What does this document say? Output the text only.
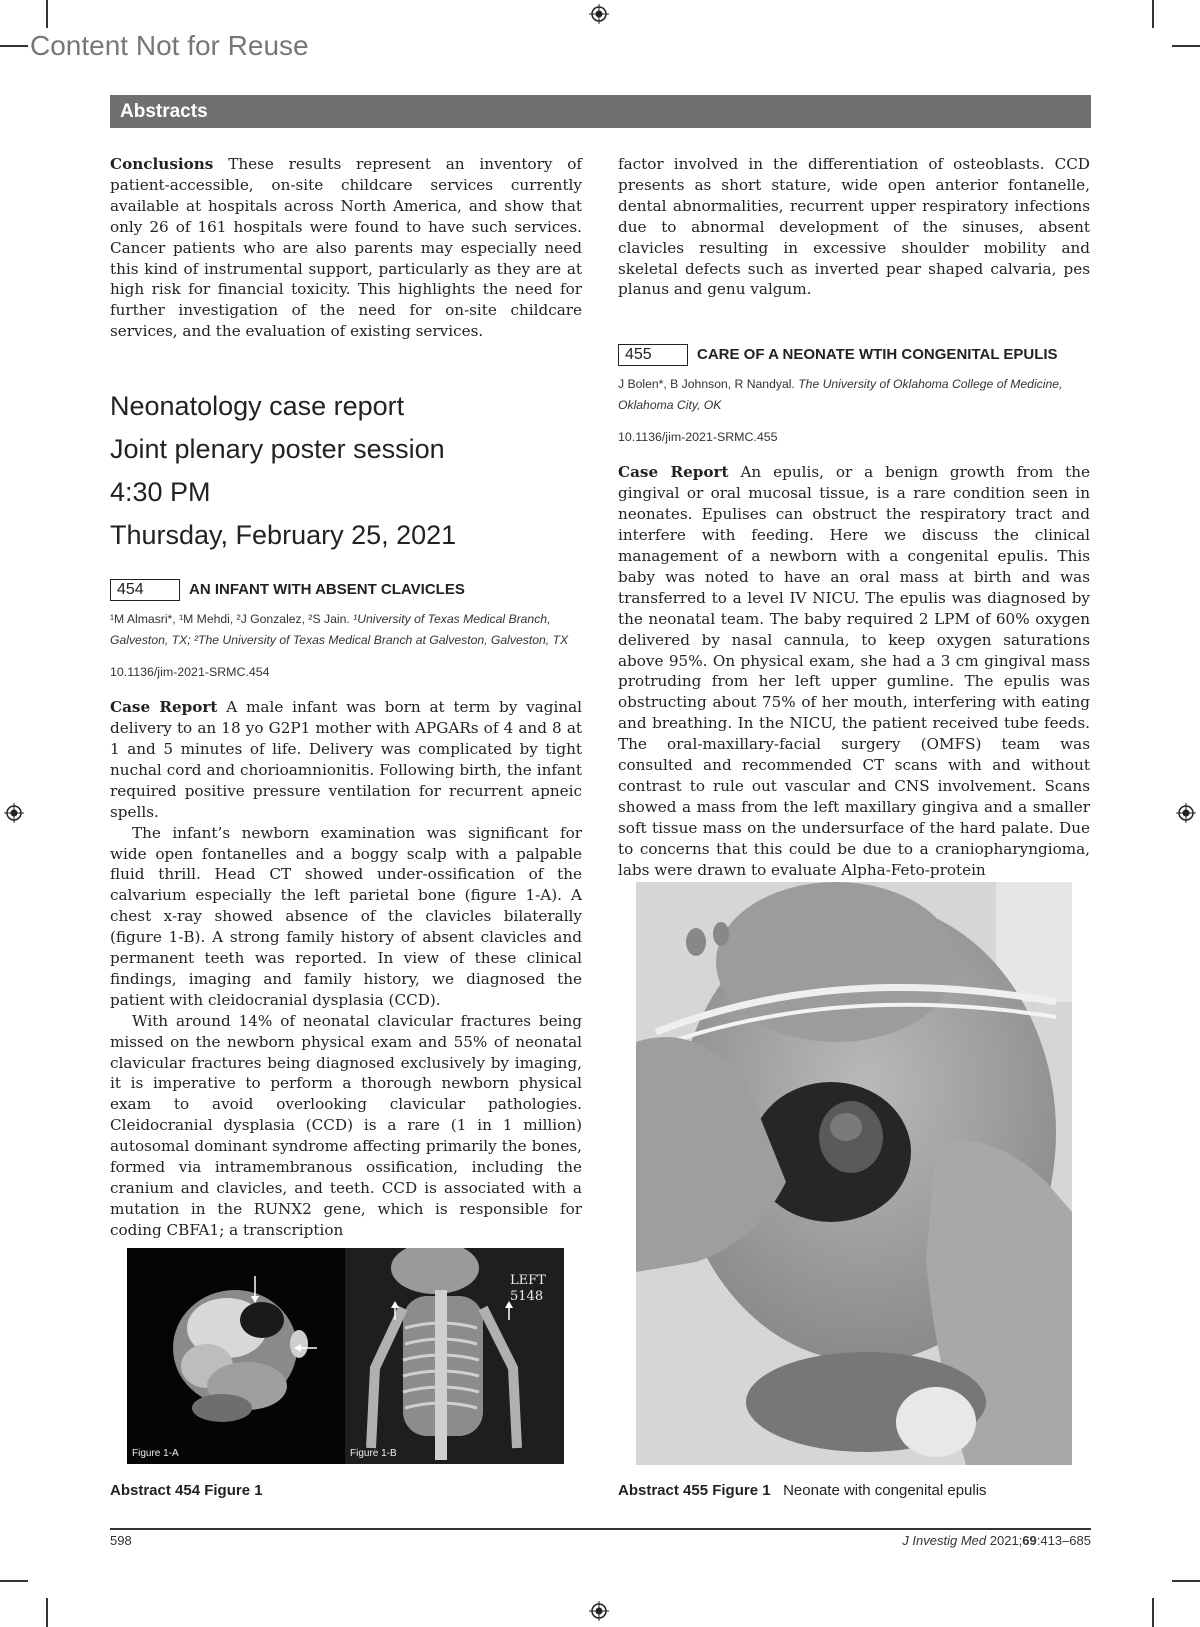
Content Not for Reuse
Abstracts

Conclusions These results represent an inventory of patient-accessible, on-site childcare services currently available at hospitals across North America, and show that only 26 of 161 hospitals were found to have such services. Cancer patients who are also parents may especially need this kind of instrumental support, particularly as they are at high risk for financial toxicity. This highlights the need for further investigation of the need for on-site childcare services, and the evaluation of existing services.

Neonatology case report
Joint plenary poster session
4:30 PM
Thursday, February 25, 2021
454	AN INFANT WITH ABSENT CLAVICLES
¹M Almasri*, ¹M Mehdi, ²J Gonzalez, ²S Jain. ¹University of Texas Medical Branch, Galveston, TX; ²The University of Texas Medical Branch at Galveston, Galveston, TX
10.1136/jim-2021-SRMC.454

Case Report A male infant was born at term by vaginal delivery to an 18 yo G2P1 mother with APGARs of 4 and 8 at 1 and 5 minutes of life. Delivery was complicated by tight nuchal cord and chorioamnionitis. Following birth, the infant required positive pressure ventilation for recurrent apneic spells.

The infant’s newborn examination was significant for wide open fontanelles and a boggy scalp with a palpable fluid thrill. Head CT showed under-ossification of the calvarium especially the left parietal bone (figure 1-A). A chest x-ray showed absence of the clavicles bilaterally (figure 1-B). A strong family history of absent clavicles and permanent teeth was reported. In view of these clinical findings, imaging and family history, we diagnosed the patient with cleidocranial dysplasia (CCD).

With around 14% of neonatal clavicular fractures being missed on the newborn physical exam and 55% of neonatal clavicular fractures being diagnosed exclusively by imaging, it is imperative to perform a thorough newborn physical exam to avoid overlooking clavicular pathologies. Cleidocranial dysplasia (CCD) is a rare (1 in 1 million) autosomal dominant syndrome affecting primarily the bones, formed via intramembranous ossification, including the cranium and clavicles, and teeth. CCD is associated with a mutation in the RUNX2 gene, which is responsible for coding CBFA1; a transcription

LEFT
5148
Figure 1-A	Figure 1-B
Abstract 454 Figure 1

factor involved in the differentiation of osteoblasts. CCD presents as short stature, wide open anterior fontanelle, dental abnormalities, recurrent upper respiratory infections due to abnormal development of the sinuses, absent clavicles resulting in excessive shoulder mobility and skeletal defects such as inverted pear shaped calvaria, pes planus and genu valgum.

455	CARE OF A NEONATE WTIH CONGENITAL EPULIS
J Bolen*, B Johnson, R Nandyal. The University of Oklahoma College of Medicine, Oklahoma City, OK
10.1136/jim-2021-SRMC.455

Case Report An epulis, or a benign growth from the gingival or oral mucosal tissue, is a rare condition seen in neonates. Epulises can obstruct the respiratory tract and interfere with feeding. Here we discuss the clinical management of a newborn with a congenital epulis. This baby was noted to have an oral mass at birth and was transferred to a level IV NICU. The epulis was diagnosed by the neonatal team. The baby required 2 LPM of 60% oxygen delivered by nasal cannula, to keep oxygen saturations above 95%. On physical exam, she had a 3 cm gingival mass protruding from her left upper gumline. The epulis was obstructing about 75% of her mouth, interfering with eating and breathing. In the NICU, the patient received tube feeds. The oral-maxillary-facial surgery (OMFS) team was consulted and recommended CT scans with and without contrast to rule out vascular and CNS involvement. Scans showed a mass from the left maxillary gingiva and a smaller soft tissue mass on the undersurface of the hard palate. Due to concerns that this could be due to a craniopharyngioma, labs were drawn to evaluate Alpha-Feto-protein

Abstract 455 Figure 1 Neonate with congenital epulis
598	J Investig Med 2021;69:413–685
